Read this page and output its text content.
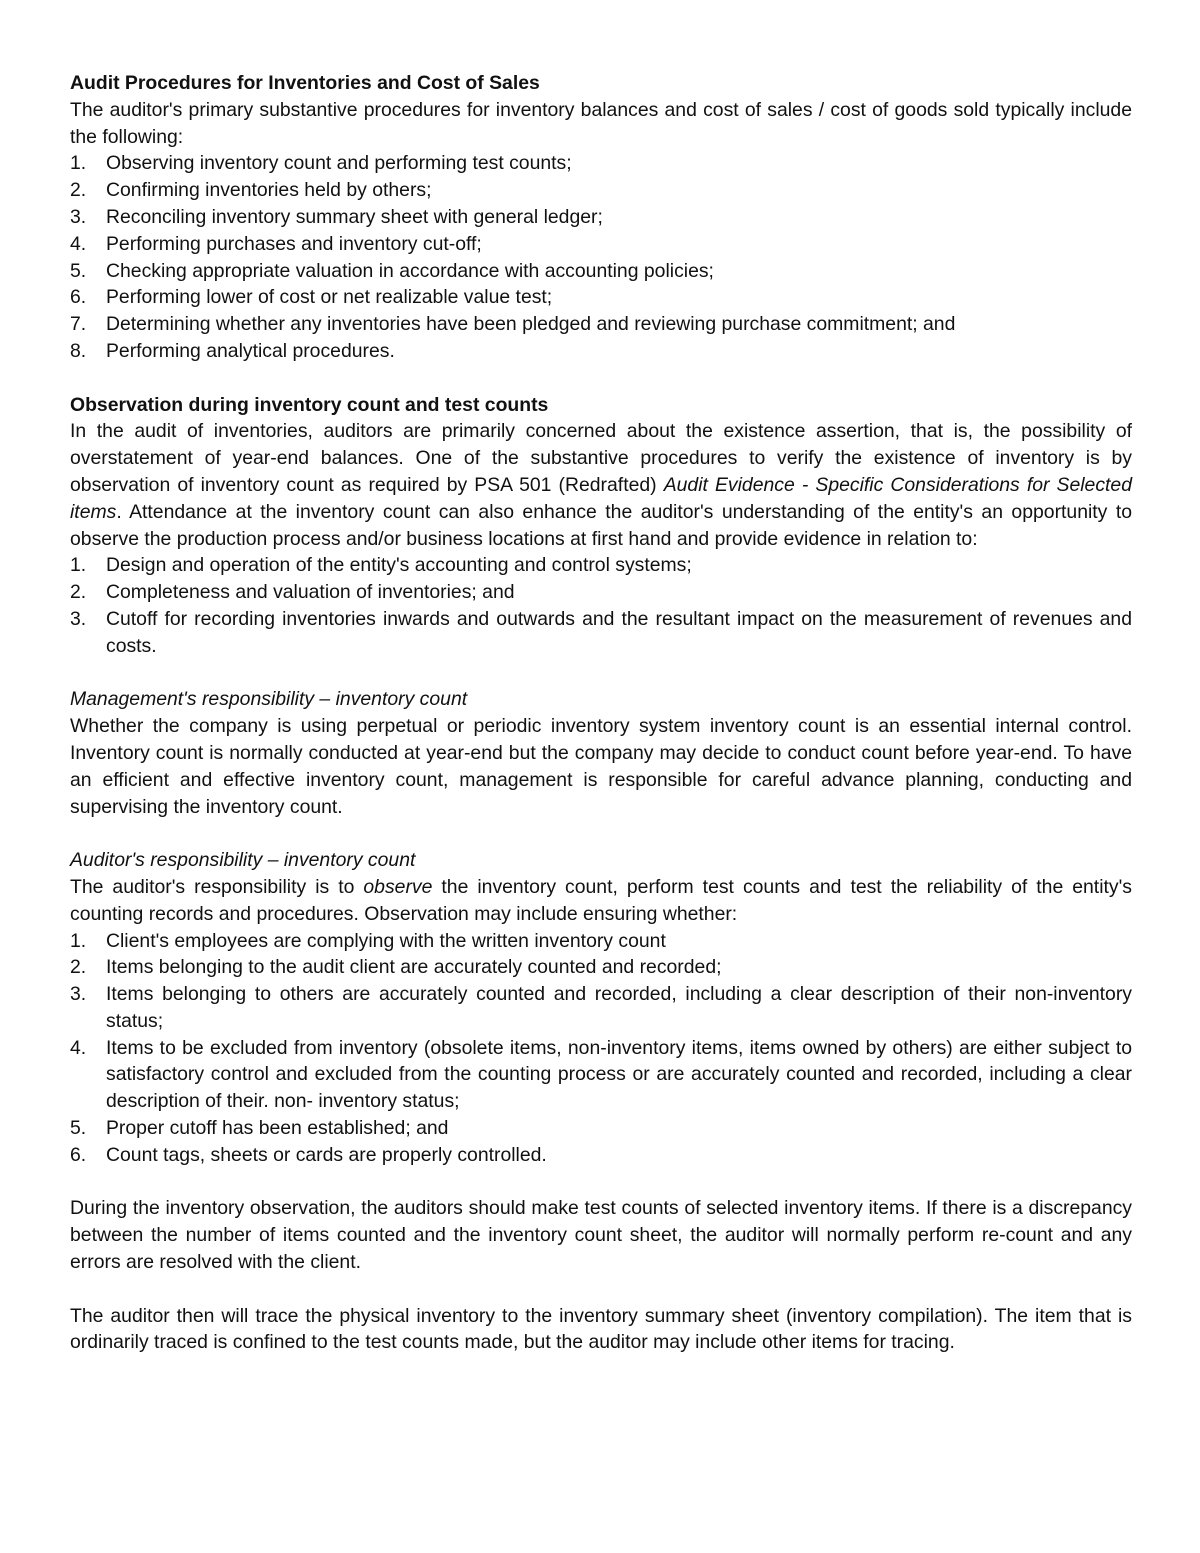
Audit Procedures for Inventories and Cost of Sales

The auditor's primary substantive procedures for inventory balances and cost of sales / cost of goods sold typically include the following:

1. Observing inventory count and performing test counts;
2. Confirming inventories held by others;
3. Reconciling inventory summary sheet with general ledger;
4. Performing purchases and inventory cut-off;
5. Checking appropriate valuation in accordance with accounting policies;
6. Performing lower of cost or net realizable value test;
7. Determining whether any inventories have been pledged and reviewing purchase commitment; and
8. Performing analytical procedures.

Observation during inventory count and test counts

In the audit of inventories, auditors are primarily concerned about the existence assertion, that is, the possibility of overstatement of year-end balances. One of the substantive procedures to verify the existence of inventory is by observation of inventory count as required by PSA 501 (Redrafted) Audit Evidence - Specific Considerations for Selected items. Attendance at the inventory count can also enhance the auditor's understanding of the entity's an opportunity to observe the production process and/or business locations at first hand and provide evidence in relation to:

1. Design and operation of the entity's accounting and control systems;
2. Completeness and valuation of inventories; and
3. Cutoff for recording inventories inwards and outwards and the resultant impact on the measurement of revenues and costs.

Management's responsibility – inventory count

Whether the company is using perpetual or periodic inventory system inventory count is an essential internal control. Inventory count is normally conducted at year-end but the company may decide to conduct count before year-end. To have an efficient and effective inventory count, management is responsible for careful advance planning, conducting and supervising the inventory count.

Auditor's responsibility – inventory count

The auditor's responsibility is to observe the inventory count, perform test counts and test the reliability of the entity's counting records and procedures. Observation may include ensuring whether:

1. Client's employees are complying with the written inventory count
2. Items belonging to the audit client are accurately counted and recorded;
3. Items belonging to others are accurately counted and recorded, including a clear description of their non-inventory status;
4. Items to be excluded from inventory (obsolete items, non-inventory items, items owned by others) are either subject to satisfactory control and excluded from the counting process or are accurately counted and recorded, including a clear description of their. non- inventory status;
5. Proper cutoff has been established; and
6. Count tags, sheets or cards are properly controlled.

During the inventory observation, the auditors should make test counts of selected inventory items. If there is a discrepancy between the number of items counted and the inventory count sheet, the auditor will normally perform re-count and any errors are resolved with the client.

The auditor then will trace the physical inventory to the inventory summary sheet (inventory compilation). The item that is ordinarily traced is confined to the test counts made, but the auditor may include other items for tracing.
